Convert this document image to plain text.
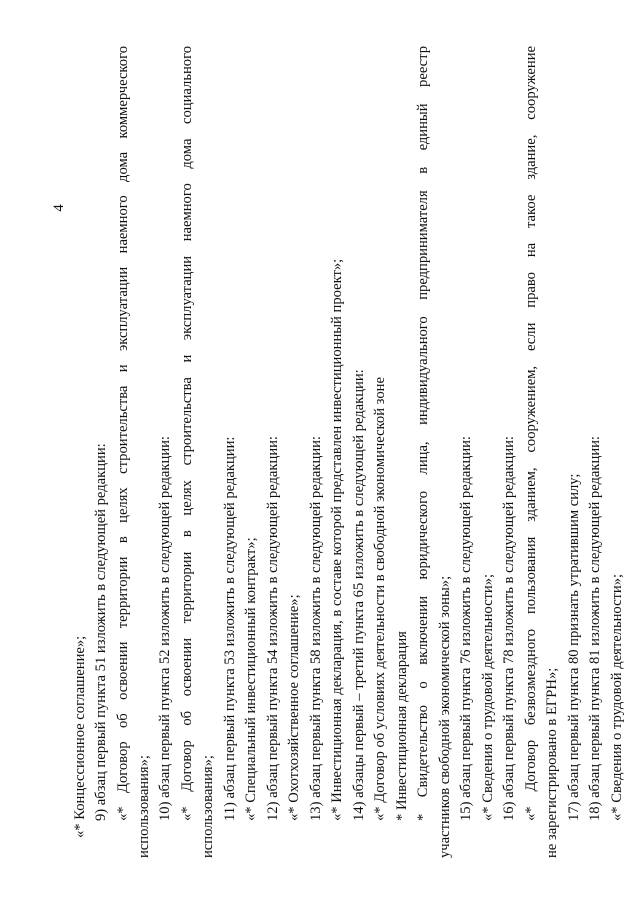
4
«* Концессионное соглашение»; 9) абзац первый пункта 51 изложить в следующей редакции: «* Договор об освоении территории в целях строительства и эксплуатации наемного дома коммерческого использования»; 10) абзац первый пункта 52 изложить в следующей редакции: «* Договор об освоении территории в целях строительства и эксплуатации наемного дома социального использования»; 11) абзац первый пункта 53 изложить в следующей редакции: «* Специальный инвестиционный контракт»; 12) абзац первый пункта 54 изложить в следующей редакции: «* Охотхозяйственное соглашение»; 13) абзац первый пункта 58 изложить в следующей редакции: «* Инвестиционная декларация, в составе которой представлен инвестиционный проект»; 14) абзацы первый – третий пункта 65 изложить в следующей редакции: «* Договор об условиях деятельности в свободной экономической зоне * Инвестиционная декларация * Свидетельство о включении юридического лица, индивидуального предпринимателя в единый реестр участников свободной экономической зоны»; 15) абзац первый пункта 76 изложить в следующей редакции: «* Сведения о трудовой деятельности»; 16) абзац первый пункта 78 изложить в следующей редакции: «* Договор безвозмездного пользования зданием, сооружением, если право на такое здание, сооружение не зарегистрировано в ЕГРН»; 17) абзац первый пункта 80 признать утратившим силу; 18) абзац первый пункта 81 изложить в следующей редакции: «* Сведения о трудовой деятельности»;
